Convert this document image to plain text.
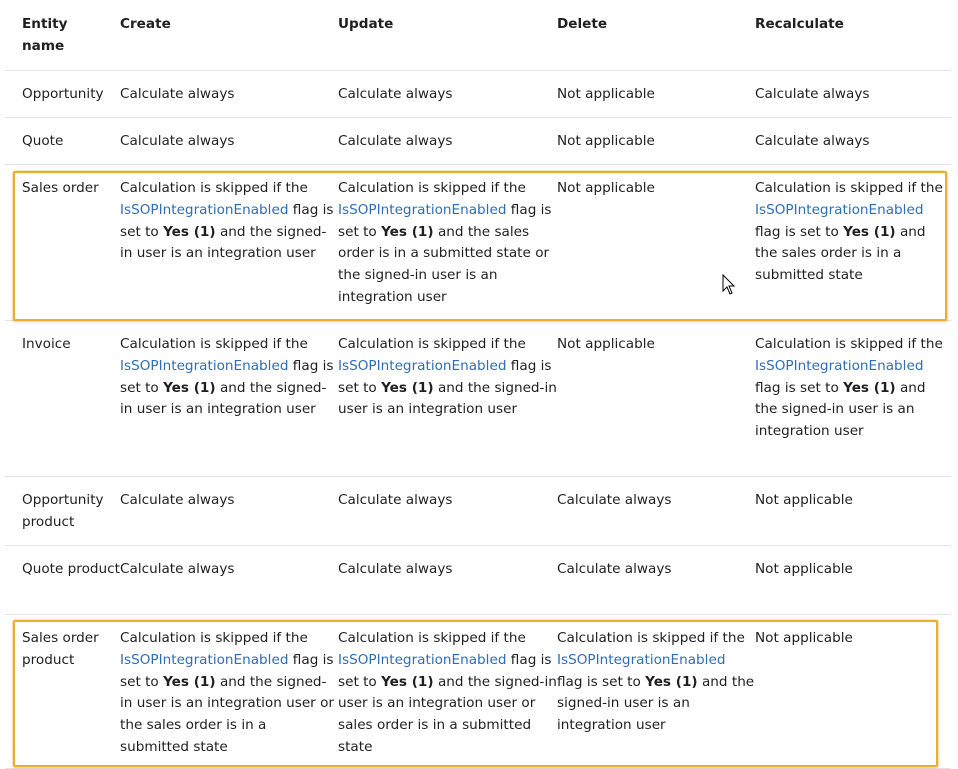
Entity
name	Create	Update	Delete	Recalculate
Opportunity	Calculate always	Calculate always	Not applicable	Calculate always
Quote	Calculate always	Calculate always	Not applicable	Calculate always
Sales order	Calculation is skipped if the IsSOPIntegrationEnabled flag is set to Yes (1) and the signed-in user is an integration user	Calculation is skipped if the IsSOPIntegrationEnabled flag is set to Yes (1) and the sales order is in a submitted state or the signed-in user is an integration user	Not applicable	Calculation is skipped if the IsSOPIntegrationEnabled flag is set to Yes (1) and the sales order is in a submitted state
Invoice	Calculation is skipped if the IsSOPIntegrationEnabled flag is set to Yes (1) and the signed-in user is an integration user	Calculation is skipped if the IsSOPIntegrationEnabled flag is set to Yes (1) and the signed-in user is an integration user	Not applicable	Calculation is skipped if the IsSOPIntegrationEnabled flag is set to Yes (1) and the signed-in user is an integration user
Opportunity product	Calculate always	Calculate always	Calculate always	Not applicable
Quote product	Calculate always	Calculate always	Calculate always	Not applicable
Sales order product	Calculation is skipped if the IsSOPIntegrationEnabled flag is set to Yes (1) and the signed-in user is an integration user or the sales order is in a submitted state	Calculation is skipped if the IsSOPIntegrationEnabled flag is set to Yes (1) and the signed-in user is an integration user or sales order is in a submitted state	Calculation is skipped if the IsSOPIntegrationEnabled flag is set to Yes (1) and the signed-in user is an integration user	Not applicable
